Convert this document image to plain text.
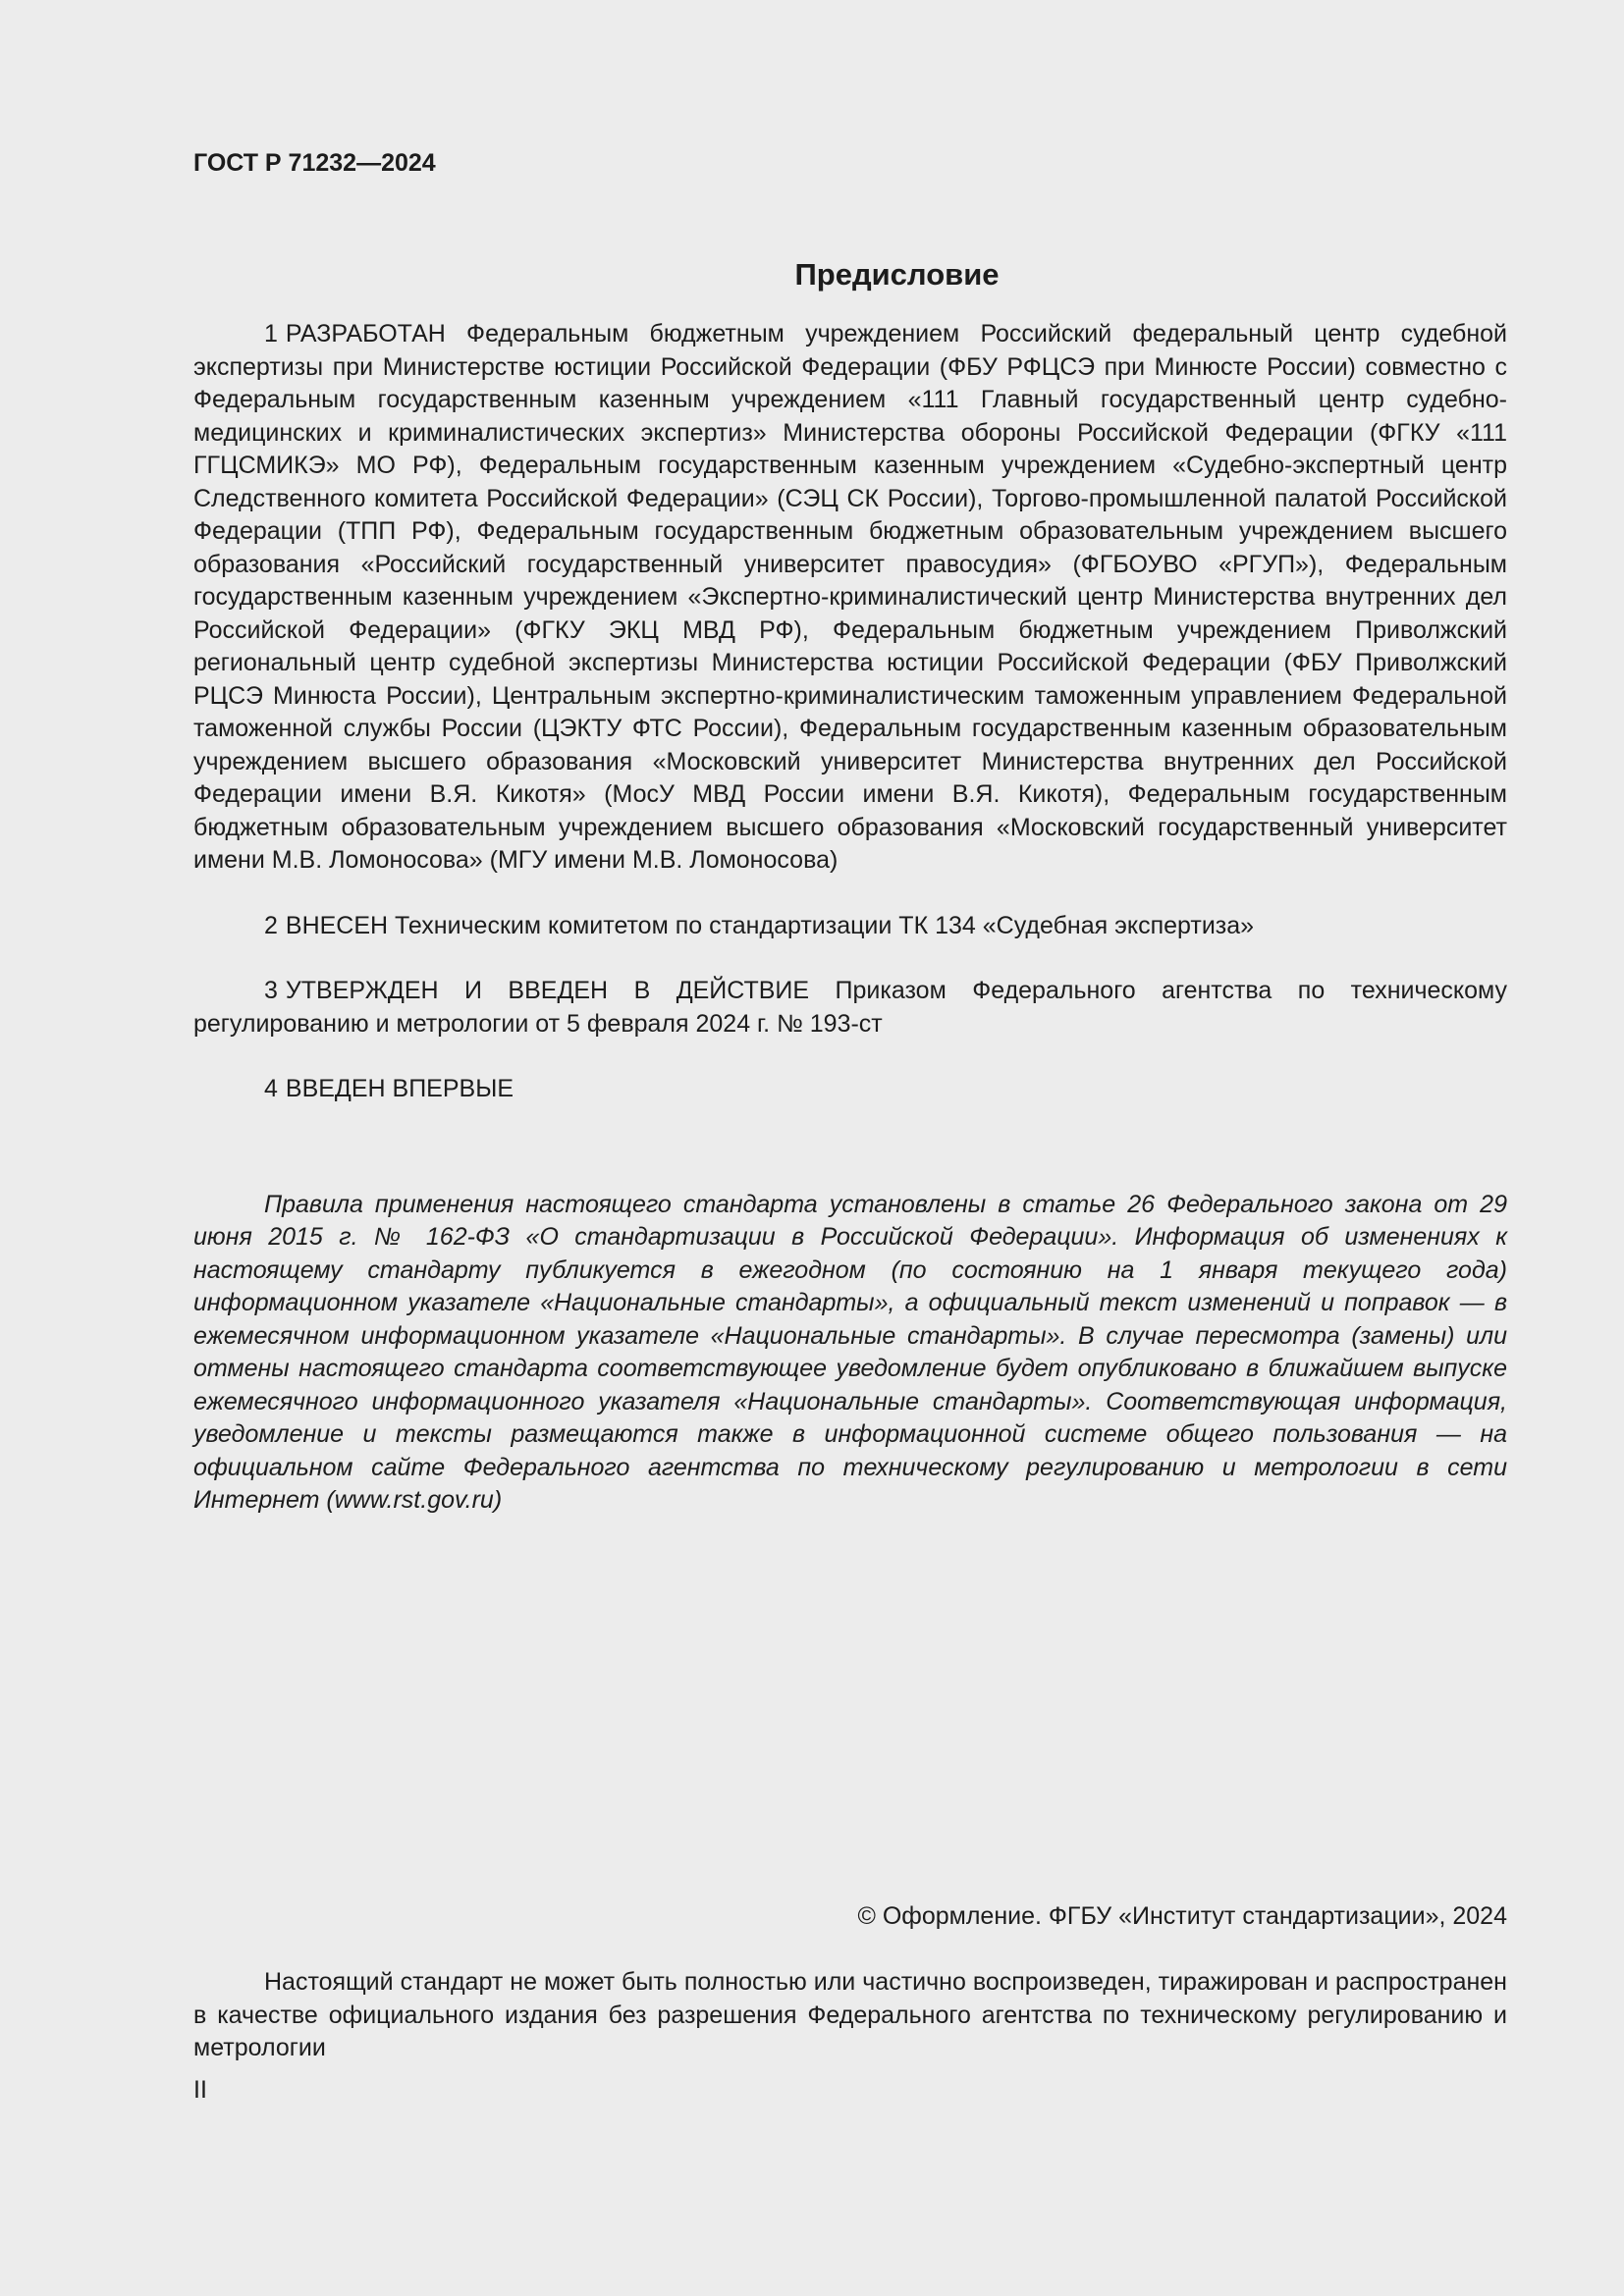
ГОСТ Р 71232—2024

Предисловие

1 РАЗРАБОТАН Федеральным бюджетным учреждением Российский федеральный центр судебной экспертизы при Министерстве юстиции Российской Федерации (ФБУ РФЦСЭ при Минюсте России) совместно с Федеральным государственным казенным учреждением «111 Главный государственный центр судебно-медицинских и криминалистических экспертиз» Министерства обороны Российской Федерации (ФГКУ «111 ГГЦСМИКЭ» МО РФ), Федеральным государственным казенным учреждением «Судебно-экспертный центр Следственного комитета Российской Федерации» (СЭЦ СК России), Торгово-промышленной палатой Российской Федерации (ТПП РФ), Федеральным государственным бюджетным образовательным учреждением высшего образования «Российский государственный университет правосудия» (ФГБОУВО «РГУП»), Федеральным государственным казенным учреждением «Экспертно-криминалистический центр Министерства внутренних дел Российской Федерации» (ФГКУ ЭКЦ МВД РФ), Федеральным бюджетным учреждением Приволжский региональный центр судебной экспертизы Министерства юстиции Российской Федерации (ФБУ Приволжский РЦСЭ Минюста России), Центральным экспертно-криминалистическим таможенным управлением Федеральной таможенной службы России (ЦЭКТУ ФТС России), Федеральным государственным казенным образовательным учреждением высшего образования «Московский университет Министерства внутренних дел Российской Федерации имени В.Я. Кикотя» (МосУ МВД России имени В.Я. Кикотя), Федеральным государственным бюджетным образовательным учреждением высшего образования «Московский государственный университет имени М.В. Ломоносова» (МГУ имени М.В. Ломоносова)

2 ВНЕСЕН Техническим комитетом по стандартизации ТК 134 «Судебная экспертиза»

3 УТВЕРЖДЕН И ВВЕДЕН В ДЕЙСТВИЕ Приказом Федерального агентства по техническому регулированию и метрологии от 5 февраля 2024 г. № 193-ст

4 ВВЕДЕН ВПЕРВЫЕ

Правила применения настоящего стандарта установлены в статье 26 Федерального закона от 29 июня 2015 г. № 162-ФЗ «О стандартизации в Российской Федерации». Информация об изменениях к настоящему стандарту публикуется в ежегодном (по состоянию на 1 января текущего года) информационном указателе «Национальные стандарты», а официальный текст изменений и поправок — в ежемесячном информационном указателе «Национальные стандарты». В случае пересмотра (замены) или отмены настоящего стандарта соответствующее уведомление будет опубликовано в ближайшем выпуске ежемесячного информационного указателя «Национальные стандарты». Соответствующая информация, уведомление и тексты размещаются также в информационной системе общего пользования — на официальном сайте Федерального агентства по техническому регулированию и метрологии в сети Интернет (www.rst.gov.ru)

© Оформление. ФГБУ «Институт стандартизации», 2024

Настоящий стандарт не может быть полностью или частично воспроизведен, тиражирован и распространен в качестве официального издания без разрешения Федерального агентства по техническому регулированию и метрологии

II
